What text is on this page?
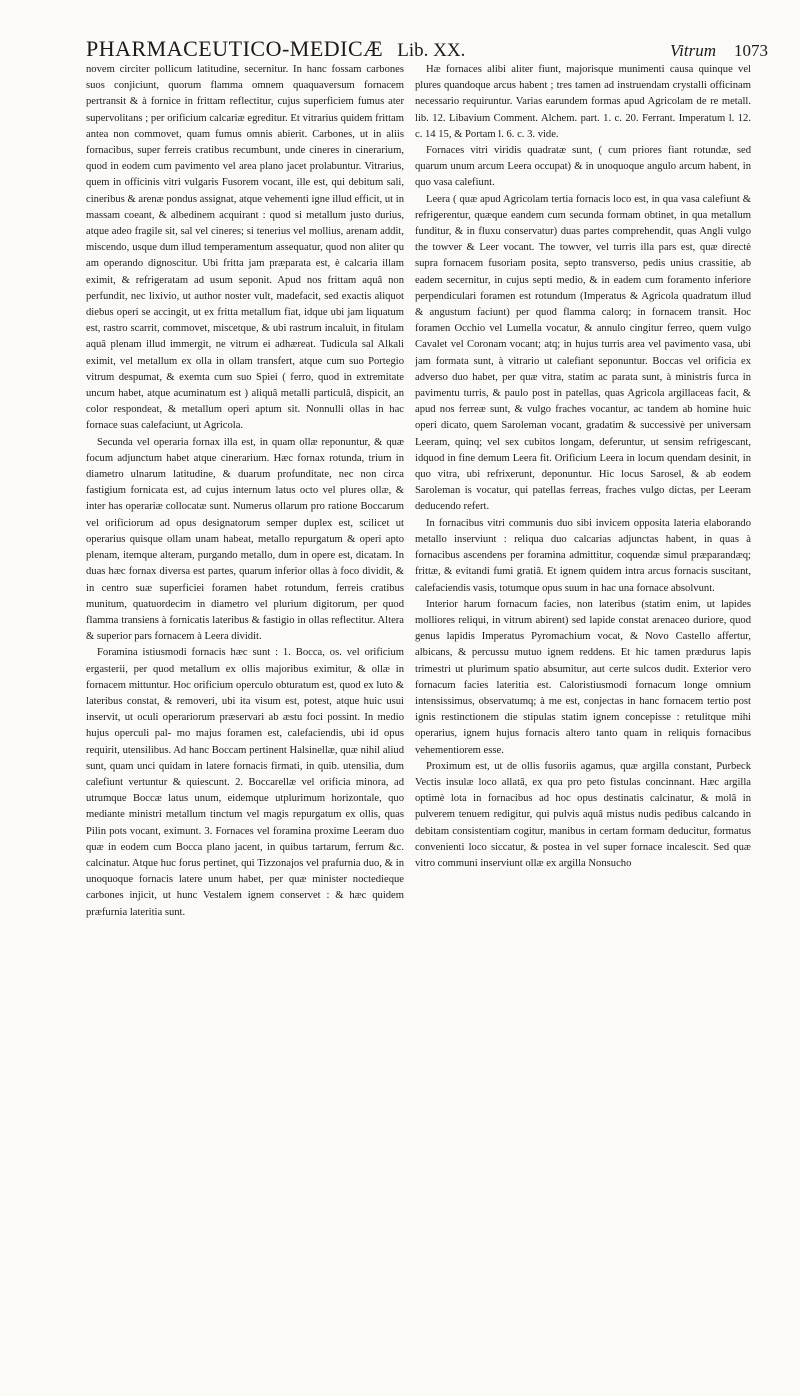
PHARMACEUTICO-MEDICÆ Lib. XX.	Vitrum 1073

novem circiter pollicum latitudine, secernitur. In hanc fossam carbones suos conjiciunt, quorum flamma omnem quaquaversum fornacem pertransit & à fornice in frittam reflectitur, cujus superficiem fumus ater supervolitans ; per orificium calcariæ egreditur. Et vitrarius quidem frittam antea non commovet, quam fumus omnis abierit. Carbones, ut in aliis fornacibus, super ferreis cratibus recumbunt, unde cineres in cinerarium, quod in eodem cum pavimento vel area plano jacet prolabuntur. Vitrarius, quem in officinis vitri vulgaris Fusorem vocant, ille est, qui debitum sali, cineribus & arenæ pondus assignat, atque vehementi igne illud efficit, ut in massam coeant, & albedinem acquirant : quod si metallum justo durius, atque adeo fragile sit, sal vel cineres; si tenerius vel mollius, arenam addit, miscendo, usque dum illud temperamentum assequatur, quod non aliter qu am operando dignoscitur. Ubi fritta jam præparata est, è calcaria illam eximit, & refrigeratam ad usum seponit. Apud nos frittam aquâ non perfundit, nec lixivio, ut author noster vult, madefacit, sed exactis aliquot diebus operi se accingit, ut ex fritta metallum fiat, idque ubi jam liquatum est, rastro scarrit, commovet, miscetque, & ubi rastrum incaluit, in fitulam aquâ plenam illud immergit, ne vitrum ei adhæreat. Tudicula sal Alkali eximit, vel metallum ex olla in ollam transfert, atque cum suo Portegio vitrum despumat, & exemta cum suo Spiei ( ferro, quod in extremitate uncum habet, atque acuminatum est ) aliquâ metalli particulâ, dispicit, an color respondeat, & metallum operi aptum sit. Nonnulli ollas in hac fornace suas calefaciunt, ut Agricola.

Secunda vel operaria fornax illa est, in quam ollæ reponuntur, & quæ focum adjunctum habet atque cinerarium. Hæc fornax rotunda, trium in diametro ulnarum latitudine, & duarum profunditate, nec non circa fastigium fornicata est, ad cujus internum latus octo vel plures ollæ, & inter has operariæ collocatæ sunt. Numerus ollarum pro ratione Boccarum vel orificiorum ad opus designatorum semper duplex est, scilicet ut operarius quisque ollam unam habeat, metallo repurgatum & operi apto plenam, itemque alteram, purgando metallo, dum in opere est, dicatam. In duas hæc fornax diversa est partes, quarum inferior ollas à foco dividit, & in centro suæ superficiei foramen habet rotundum, ferreis cratibus munitum, quatuordecim in diametro vel plurium digitorum, per quod flamma transiens à fornicatis lateribus & fastigio in ollas reflectitur. Altera & superior pars fornacem à Leera dividit.

Foramina istiusmodi fornacis hæc sunt : 1. Bocca, os. vel orificium ergasterii, per quod metallum ex ollis majoribus eximitur, & ollæ in fornacem mittuntur. Hoc orificium operculo obturatum est, quod ex luto & lateribus constat, & removeri, ubi ita visum est, potest, atque huic usui inservit, ut oculi operariorum præservari ab æstu foci possint. In medio hujus operculi pal- mo majus foramen est, calefaciendis, ubi id opus requirit, utensilibus. Ad hanc Boccam pertinent Halsinellæ, quæ nihil aliud sunt, quam unci quidam in latere fornacis firmati, in quib. utensilia, dum calefiunt vertuntur & quiescunt. 2. Boccarellæ vel orificia minora, ad utrumque Boccæ latus unum, eidemque utplurimum horizontale, quo mediante ministri metallum tinctum vel magis repurgatum ex ollis, quas Pilin pots vocant, eximunt. 3. Fornaces vel foramina proxime Leeram duo quæ in eodem cum Bocca plano jacent, in quibus tartarum, ferrum &c. calcinatur. Atque huc forus pertinet, qui Tizzonajos vel prafurnia duo, & in unoquoque fornacis latere unum habet, per quæ minister noctedieque carbones injicit, ut hunc Vestalem ignem conservet : & hæc quidem præfurnia lateritia sunt.

Hæ fornaces alibi aliter fiunt, majorisque munimenti causa quinque vel plures quandoque arcus habent ; tres tamen ad instruendam crystalli officinam necessario requiruntur. Varias earundem formas apud Agricolam de re metall. lib. 12. Libavium Comment. Alchem. part. 1. c. 20. Ferrant. Imperatum l. 12. c. 14 15, & Portam l. 6. c. 3. vide.

Fornaces vitri viridis quadratæ sunt, ( cum priores fiant rotundæ, sed quarum unum arcum Leera occupat) & in unoquoque angulo arcum habent, in quo vasa calefiunt.

Leera ( quæ apud Agricolam tertia fornacis loco est, in qua vasa calefiunt & refrigerentur, quæque eandem cum secunda formam obtinet, in qua metallum funditur, & in fluxu conservatur) duas partes comprehendit, quas Angli vulgo the towver & Leer vocant. The towver, vel turris illa pars est, quæ directè supra fornacem fusoriam posita, septo transverso, pedis unius crassitie, ab eadem secernitur, in cujus septi medio, & in eadem cum foramento inferiore perpendiculari foramen est rotundum (Imperatus & Agricola quadratum illud & angustum faciunt) per quod flamma calorq; in fornacem transit. Hoc foramen Occhio vel Lumella vocatur, & annulo cingitur ferreo, quem vulgo Cavalet vel Coronam vocant; atq; in hujus turris area vel pavimento vasa, ubi jam formata sunt, à vitrario ut calefiant seponuntur. Boccas vel orificia ex adverso duo habet, per quæ vitra, statim ac parata sunt, à ministris furca in pavimentu turris, & paulo post in patellas, quas Agricola argillaceas facit, & apud nos ferreæ sunt, & vulgo fraches vocantur, ac tandem ab homine huic operi dicato, quem Saroleman vocant, gradatim & successivè per universam Leeram, quinq; vel sex cubitos longam, deferuntur, ut sensim refrigescant, idquod in fine demum Leera fit. Orificium Leera in locum quendam desinit, in quo vitra, ubi refrixerunt, deponuntur. Hic locus Sarosel, & ab eodem Saroleman is vocatur, qui patellas ferreas, fraches vulgo dictas, per Leeram deducendo refert.

In fornacibus vitri communis duo sibi invicem opposita lateria elaborando metallo inserviunt : reliqua duo calcarias adjunctas habent, in quas à fornacibus ascendens per foramina admittitur, coquendæ simul præparandæq; frittæ, & evitandi fumi gratiâ. Et ignem quidem intra arcus fornacis suscitant, calefaciendis vasis, totumque opus suum in hac una fornace absolvunt.

Interior harum fornacum facies, non lateribus (statim enim, ut lapides molliores reliqui, in vitrum abirent) sed lapide constat arenaceo duriore, quod genus lapidis Imperatus Pyromachium vocat, & Novo Castello affertur, albicans, & percussu mutuo ignem reddens. Et hic tamen prædurus lapis trimestri ut plurimum spatio absumitur, aut certe sulcos dudit. Exterior vero fornacum facies lateritia est. Caloristiusmodi fornacum longe omnium intensissimus, observatumq; à me est, conjectas in hanc fornacem tertio post ignis restinctionem die stipulas statim ignem concepisse : retulitque mihi operarius, ignem hujus fornacis altero tanto quam in reliquis fornacibus vehementiorem esse.

Proximum est, ut de ollis fusoriis agamus, quæ argilla constant, Purbeck Vectis insulæ loco allatâ, ex qua pro peto fistulas concinnant. Hæc argilla optimè lota in fornacibus ad hoc opus destinatis calcinatur, & molâ in pulverem tenuem redigitur, qui pulvis aquâ mistus nudis pedibus calcando in debitam consistentiam cogitur, manibus in certam formam deducitur, formatus convenienti loco siccatur, & postea in vel super fornace incalescit. Sed quæ vitro communi inserviunt ollæ ex argilla Nonsucho
